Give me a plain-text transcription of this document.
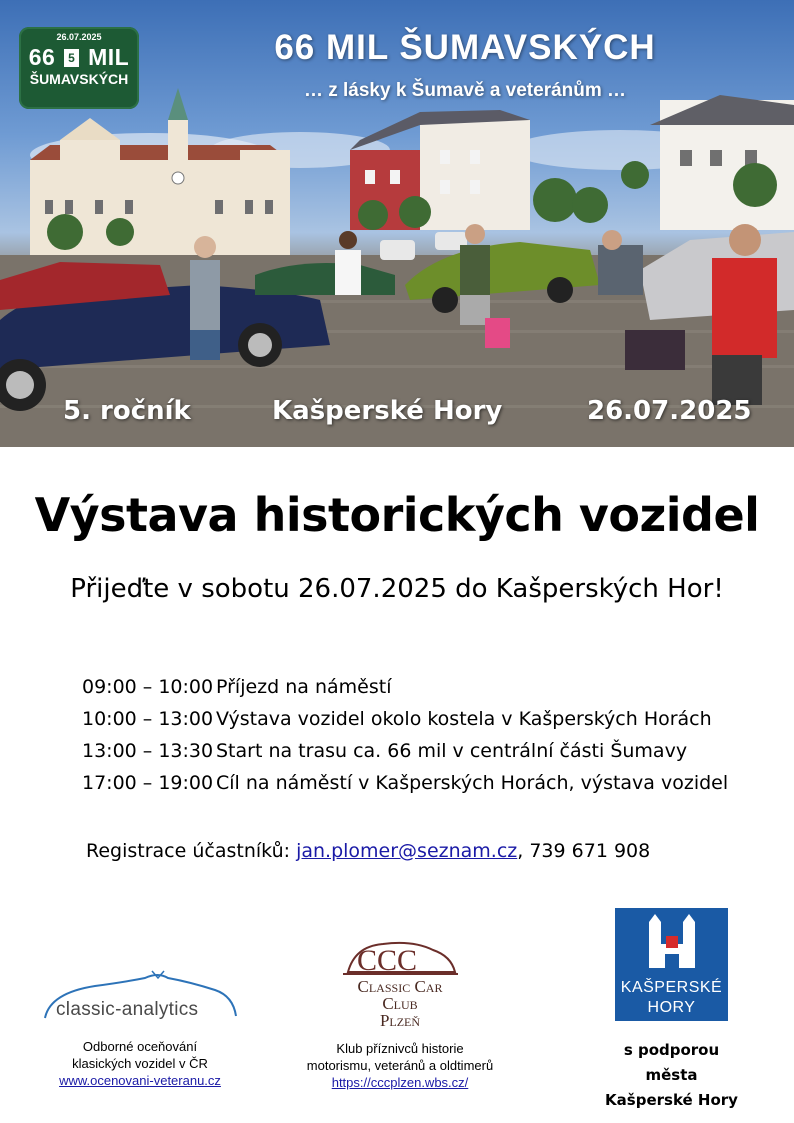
26.07.2025
66 5 MIL
ŠUMAVSKÝCH
66 MIL ŠUMAVSKÝCH
… z lásky k Šumavě a veteránům …
5. ročník	Kašperské Hory	26.07.2025
Výstava historických vozidel
Přijeďte v sobotu 26.07.2025 do Kašperských Hor!
09:00 – 10:00 Příjezd na náměstí
10:00 – 13:00 Výstava vozidel okolo kostela v Kašperských Horách
13:00 – 13:30 Start na trasu ca. 66 mil v centrální části Šumavy
17:00 – 19:00 Cíl na náměstí v Kašperských Horách, výstava vozidel
Registrace účastníků: jan.plomer@seznam.cz, 739 671 908
classic-analytics
Odborné oceňování
klasických vozidel v ČR
www.ocenovani-veteranu.cz
CCC
Classic Car
Club
Plzeň
Klub příznivců historie
motorismu, veteránů a oldtimerů
https://cccplzen.wbs.cz/
KAŠPERSKÉ
HORY
s podporou města
Kašperské Hory
